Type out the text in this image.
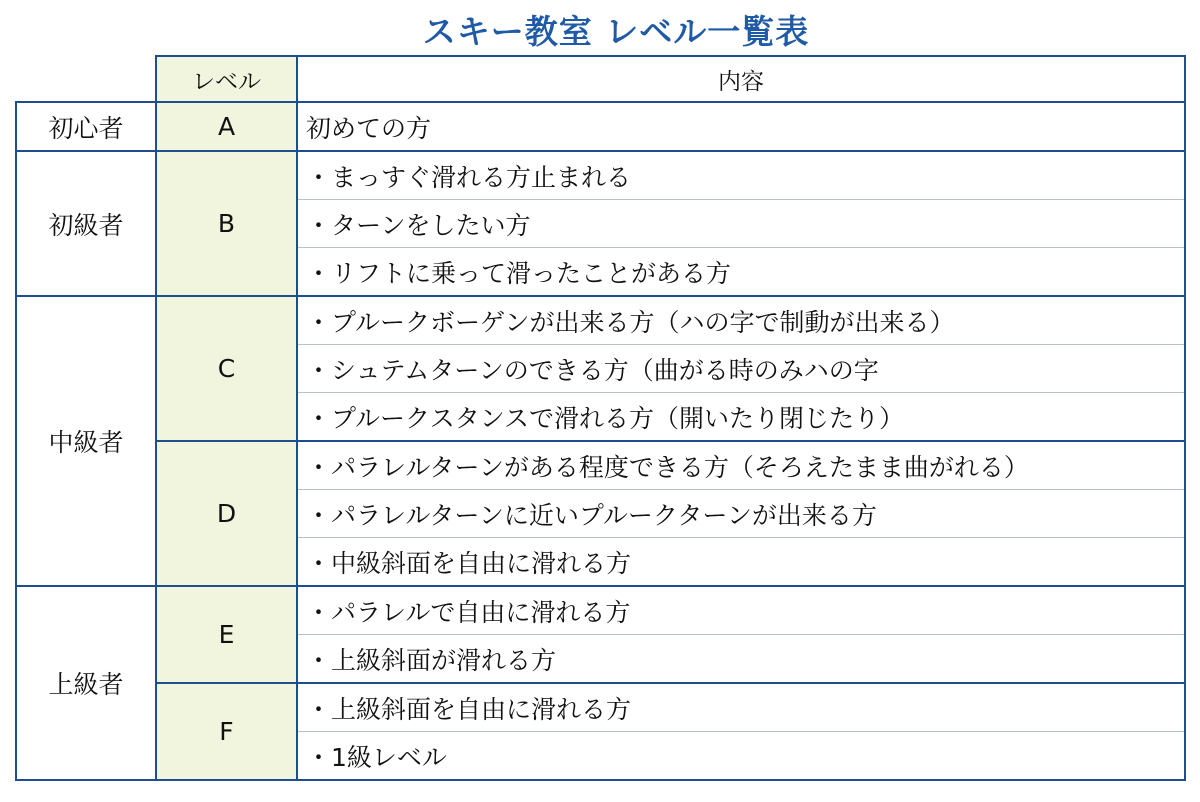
スキー教室 レベル一覧表
	レベル	内容
初心者	A	初めての方
初級者	B	・まっすぐ滑れる方止まれる
		・ターンをしたい方
		・リフトに乗って滑ったことがある方
中級者	C	・プルークボーゲンが出来る方（ハの字で制動が出来る）
		・シュテムターンのできる方（曲がる時のみハの字
		・プルークスタンスで滑れる方（開いたり閉じたり）
	D	・パラレルターンがある程度できる方（そろえたまま曲がれる）
		・パラレルターンに近いプルークターンが出来る方
		・中級斜面を自由に滑れる方
上級者	E	・パラレルで自由に滑れる方
		・上級斜面が滑れる方
	F	・上級斜面を自由に滑れる方
		・1級レベル
